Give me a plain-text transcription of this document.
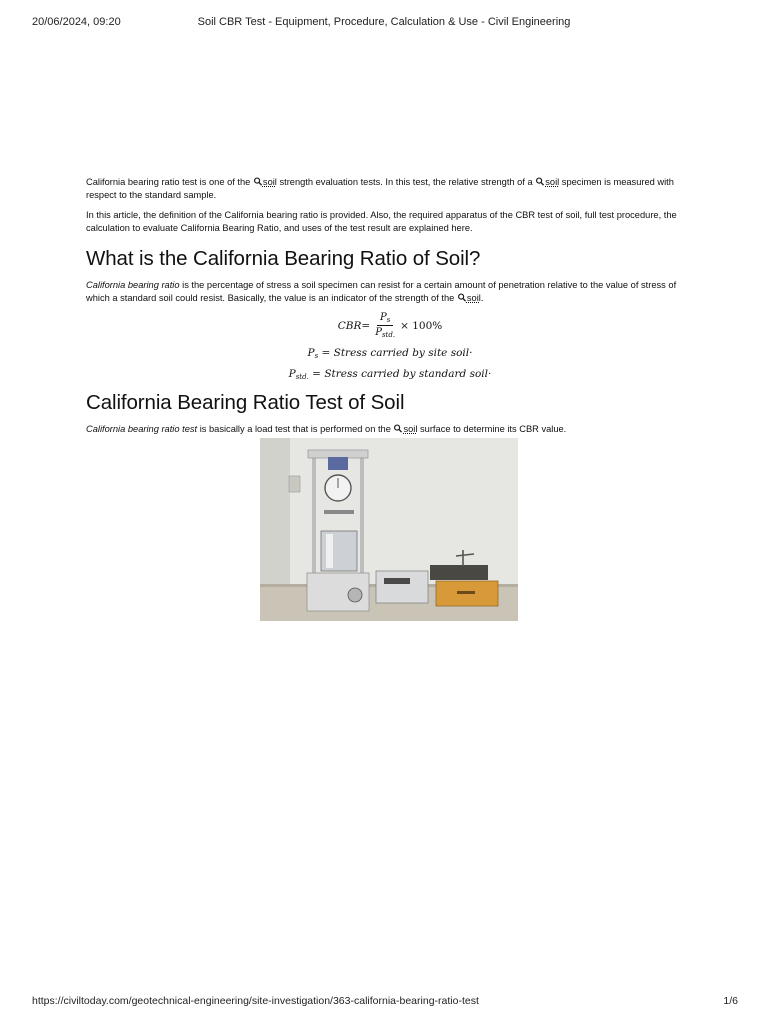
20/06/2024, 09:20	Soil CBR Test - Equipment, Procedure, Calculation & Use - Civil Engineering

California bearing ratio test is one of the soil strength evaluation tests. In this test, the relative strength of a soil specimen is measured with respect to the standard sample.

In this article, the definition of the California bearing ratio is provided. Also, the required apparatus of the CBR test of soil, full test procedure, the calculation to evaluate California Bearing Ratio, and uses of the test result are explained here.

What is the California Bearing Ratio of Soil?

California bearing ratio is the percentage of stress a soil specimen can resist for a certain amount of penetration relative to the value of stress of which a standard soil could resist. Basically, the value is an indicator of the strength of the soil.

CBR = $\frac{P_s}{P_{std.}} \times 100\%$
$P_s$ = Stress carried by site soil·
$P_{std.}$ = Stress carried by standard soil·
California Bearing Ratio Test of Soil

California bearing ratio test is basically a load test that is performed on the soil surface to determine its CBR value.

https://civiltoday.com/geotechnical-engineering/site-investigation/363-california-bearing-ratio-test	1/6
